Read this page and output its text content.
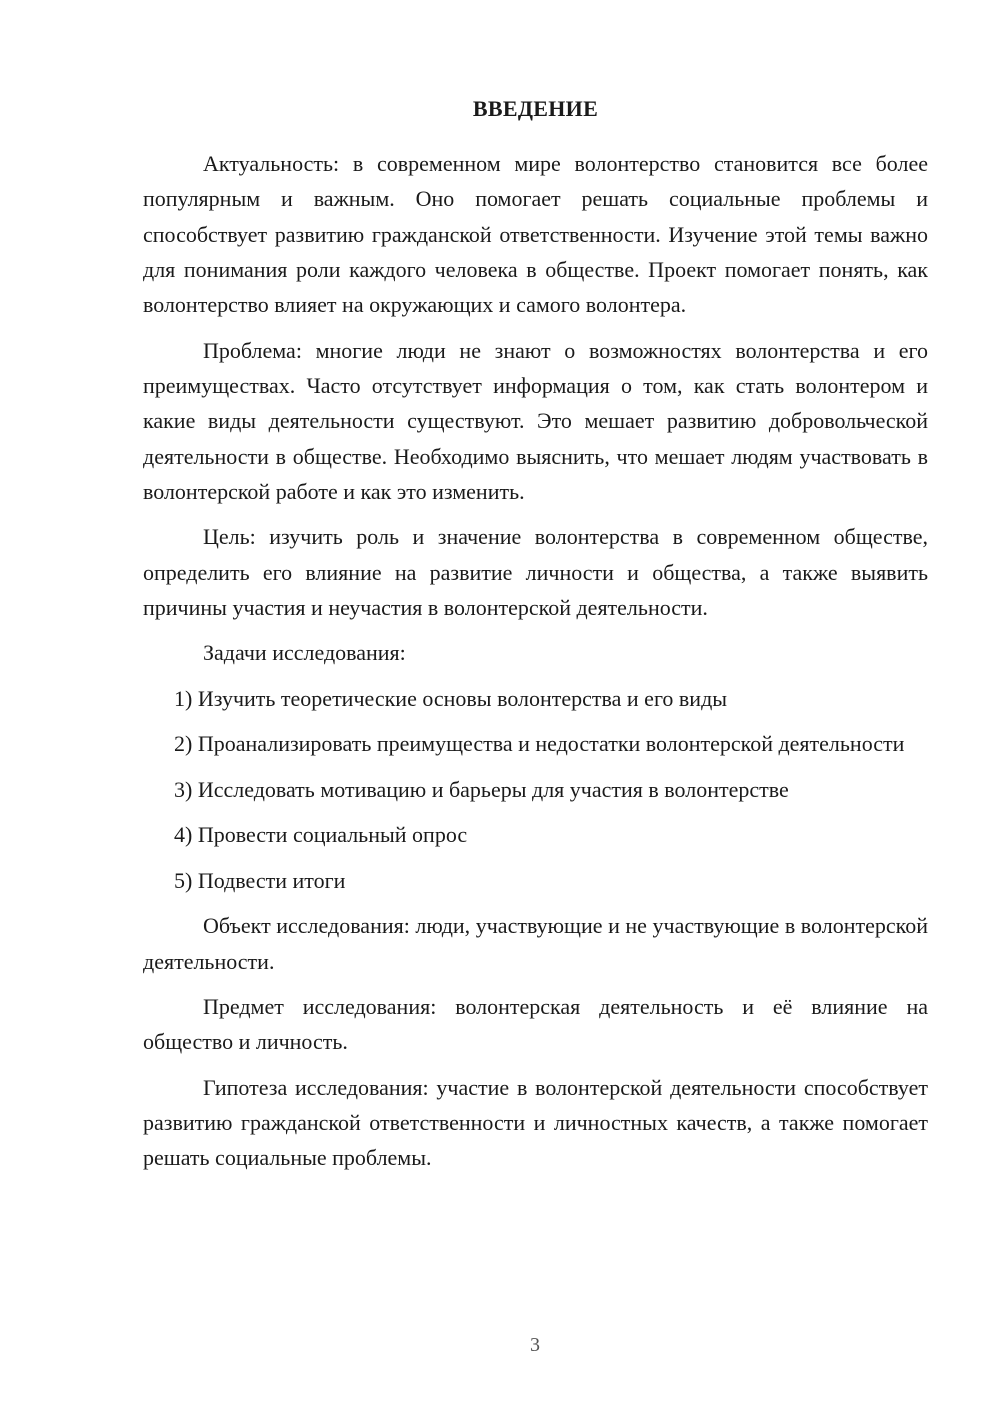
ВВЕДЕНИЕ

Актуальность: в современном мире волонтерство становится все более популярным и важным. Оно помогает решать социальные проблемы и способствует развитию гражданской ответственности. Изучение этой темы важно для понимания роли каждого человека в обществе. Проект помогает понять, как волонтерство влияет на окружающих и самого волонтера.

Проблема: многие люди не знают о возможностях волонтерства и его преимуществах. Часто отсутствует информация о том, как стать волонтером и какие виды деятельности существуют. Это мешает развитию добровольческой деятельности в обществе. Необходимо выяснить, что мешает людям участвовать в волонтерской работе и как это изменить.

Цель: изучить роль и значение волонтерства в современном обществе, определить его влияние на развитие личности и общества, а также выявить причины участия и неучастия в волонтерской деятельности.

Задачи исследования:

1) Изучить теоретические основы волонтерства и его виды

2) Проанализировать преимущества и недостатки волонтерской деятельности

3) Исследовать мотивацию и барьеры для участия в волонтерстве

4) Провести социальный опрос

5) Подвести итоги

Объект исследования: люди, участвующие и не участвующие в волонтерской деятельности.

Предмет исследования: волонтерская деятельность и её влияние на общество и личность.

Гипотеза исследования: участие в волонтерской деятельности способствует развитию гражданской ответственности и личностных качеств, а также помогает решать социальные проблемы.

3
